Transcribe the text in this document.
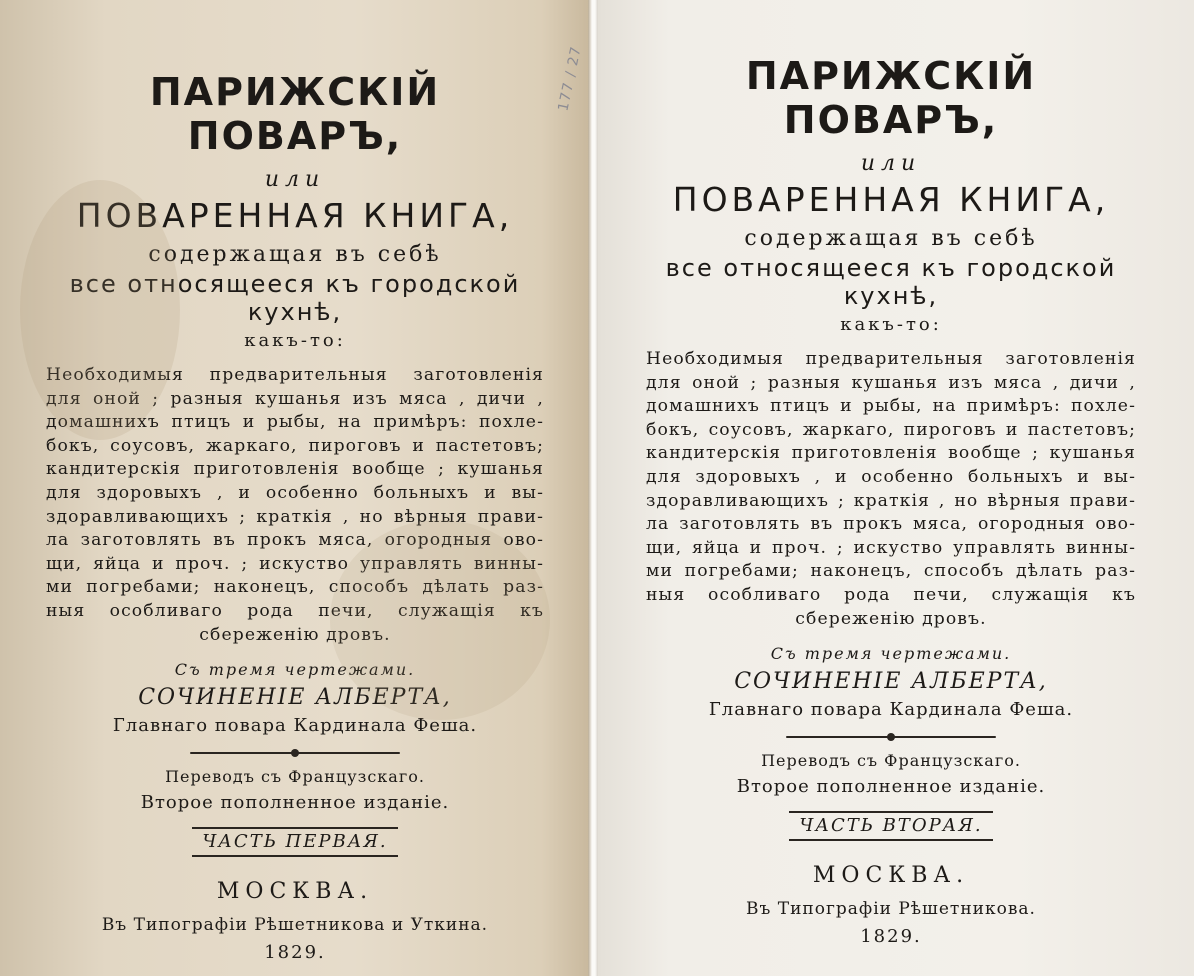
177 / 27
ПАРИЖСКІЙ ПОВАРЪ,
или
ПОВАРЕННАЯ КНИГА,
содержащая въ себѣ
все относящееся къ городской
кухнѣ,
какъ-то:
Необходимыя предварительныя заготовленія
для оной ; разныя кушанья изъ мяса , дичи ,
домашнихъ птицъ и рыбы, на примѣръ: похле-
бокъ, соусовъ, жаркаго, пироговъ и пастетовъ;
кандитерскія приготовленія вообще ; кушанья
для здоровыхъ , и особенно больныхъ и вы-
здоравливающихъ ; краткія , но вѣрныя прави-
ла заготовлять въ прокъ мяса, огородныя ово-
щи, яйца и проч. ; искуство управлять винны-
ми погребами; наконецъ, способъ дѣлать раз-
ныя особливаго рода печи, служащія къ
сбереженію дровъ.
Съ тремя чертежами.
СОЧИНЕНІЕ АЛБЕРТА,
Главнаго повара Кардинала Феша.
Переводъ съ Французскаго.
Второе пополненное изданіе.
ЧАСТЬ ПЕРВАЯ.
МОСКВА.
Въ Типографіи Рѣшетникова и Уткина.
1829.
ПАРИЖСКІЙ ПОВАРЪ,
или
ПОВАРЕННАЯ КНИГА,
содержащая въ себѣ
все относящееся къ городской
кухнѣ,
какъ-то:
Необходимыя предварительныя заготовленія
для оной ; разныя кушанья изъ мяса , дичи ,
домашнихъ птицъ и рыбы, на примѣръ: похле-
бокъ, соусовъ, жаркаго, пироговъ и пастетовъ;
кандитерскія приготовленія вообще ; кушанья
для здоровыхъ , и особенно больныхъ и вы-
здоравливающихъ ; краткія , но вѣрныя прави-
ла заготовлять въ прокъ мяса, огородныя ово-
щи, яйца и проч. ; искуство управлять винны-
ми погребами; наконецъ, способъ дѣлать раз-
ныя особливаго рода печи, служащія къ
сбереженію дровъ.
Съ тремя чертежами.
СОЧИНЕНІЕ АЛБЕРТА,
Главнаго повара Кардинала Феша.
Переводъ съ Французскаго.
Второе пополненное изданіе.
ЧАСТЬ ВТОРАЯ.
МОСКВА.
Въ Типографіи Рѣшетникова.
1829.
